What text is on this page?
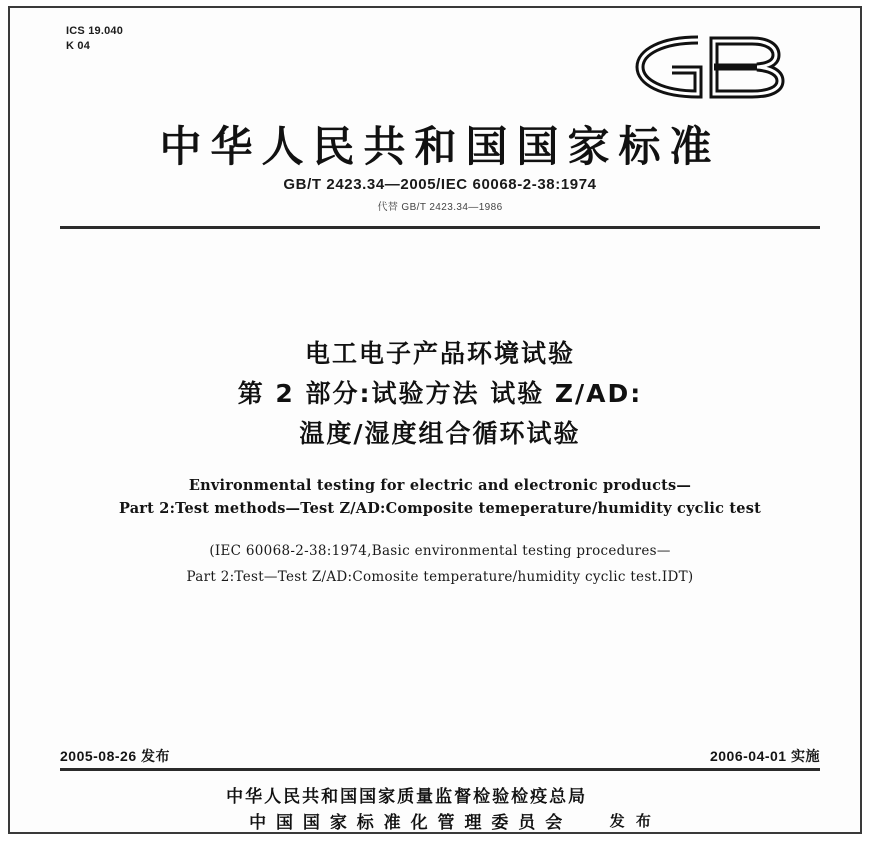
ICS 19.040
K 04
中华人民共和国国家标准
GB/T 2423.34—2005/IEC 60068-2-38:1974
代替 GB/T 2423.34—1986
电工电子产品环境试验
第 2 部分:试验方法 试验 Z/AD:
温度/湿度组合循环试验
Environmental testing for electric and electronic products—
Part 2:Test methods—Test Z/AD:Composite temeperature/humidity cyclic test
(IEC 60068-2-38:1974,Basic environmental testing procedures—
Part 2:Test—Test Z/AD:Comosite temperature/humidity cyclic test.IDT)
2005-08-26 发布	2006-04-01 实施
中华人民共和国国家质量监督检验检疫总局
中 国 国 家 标 准 化 管 理 委 员 会	发 布
